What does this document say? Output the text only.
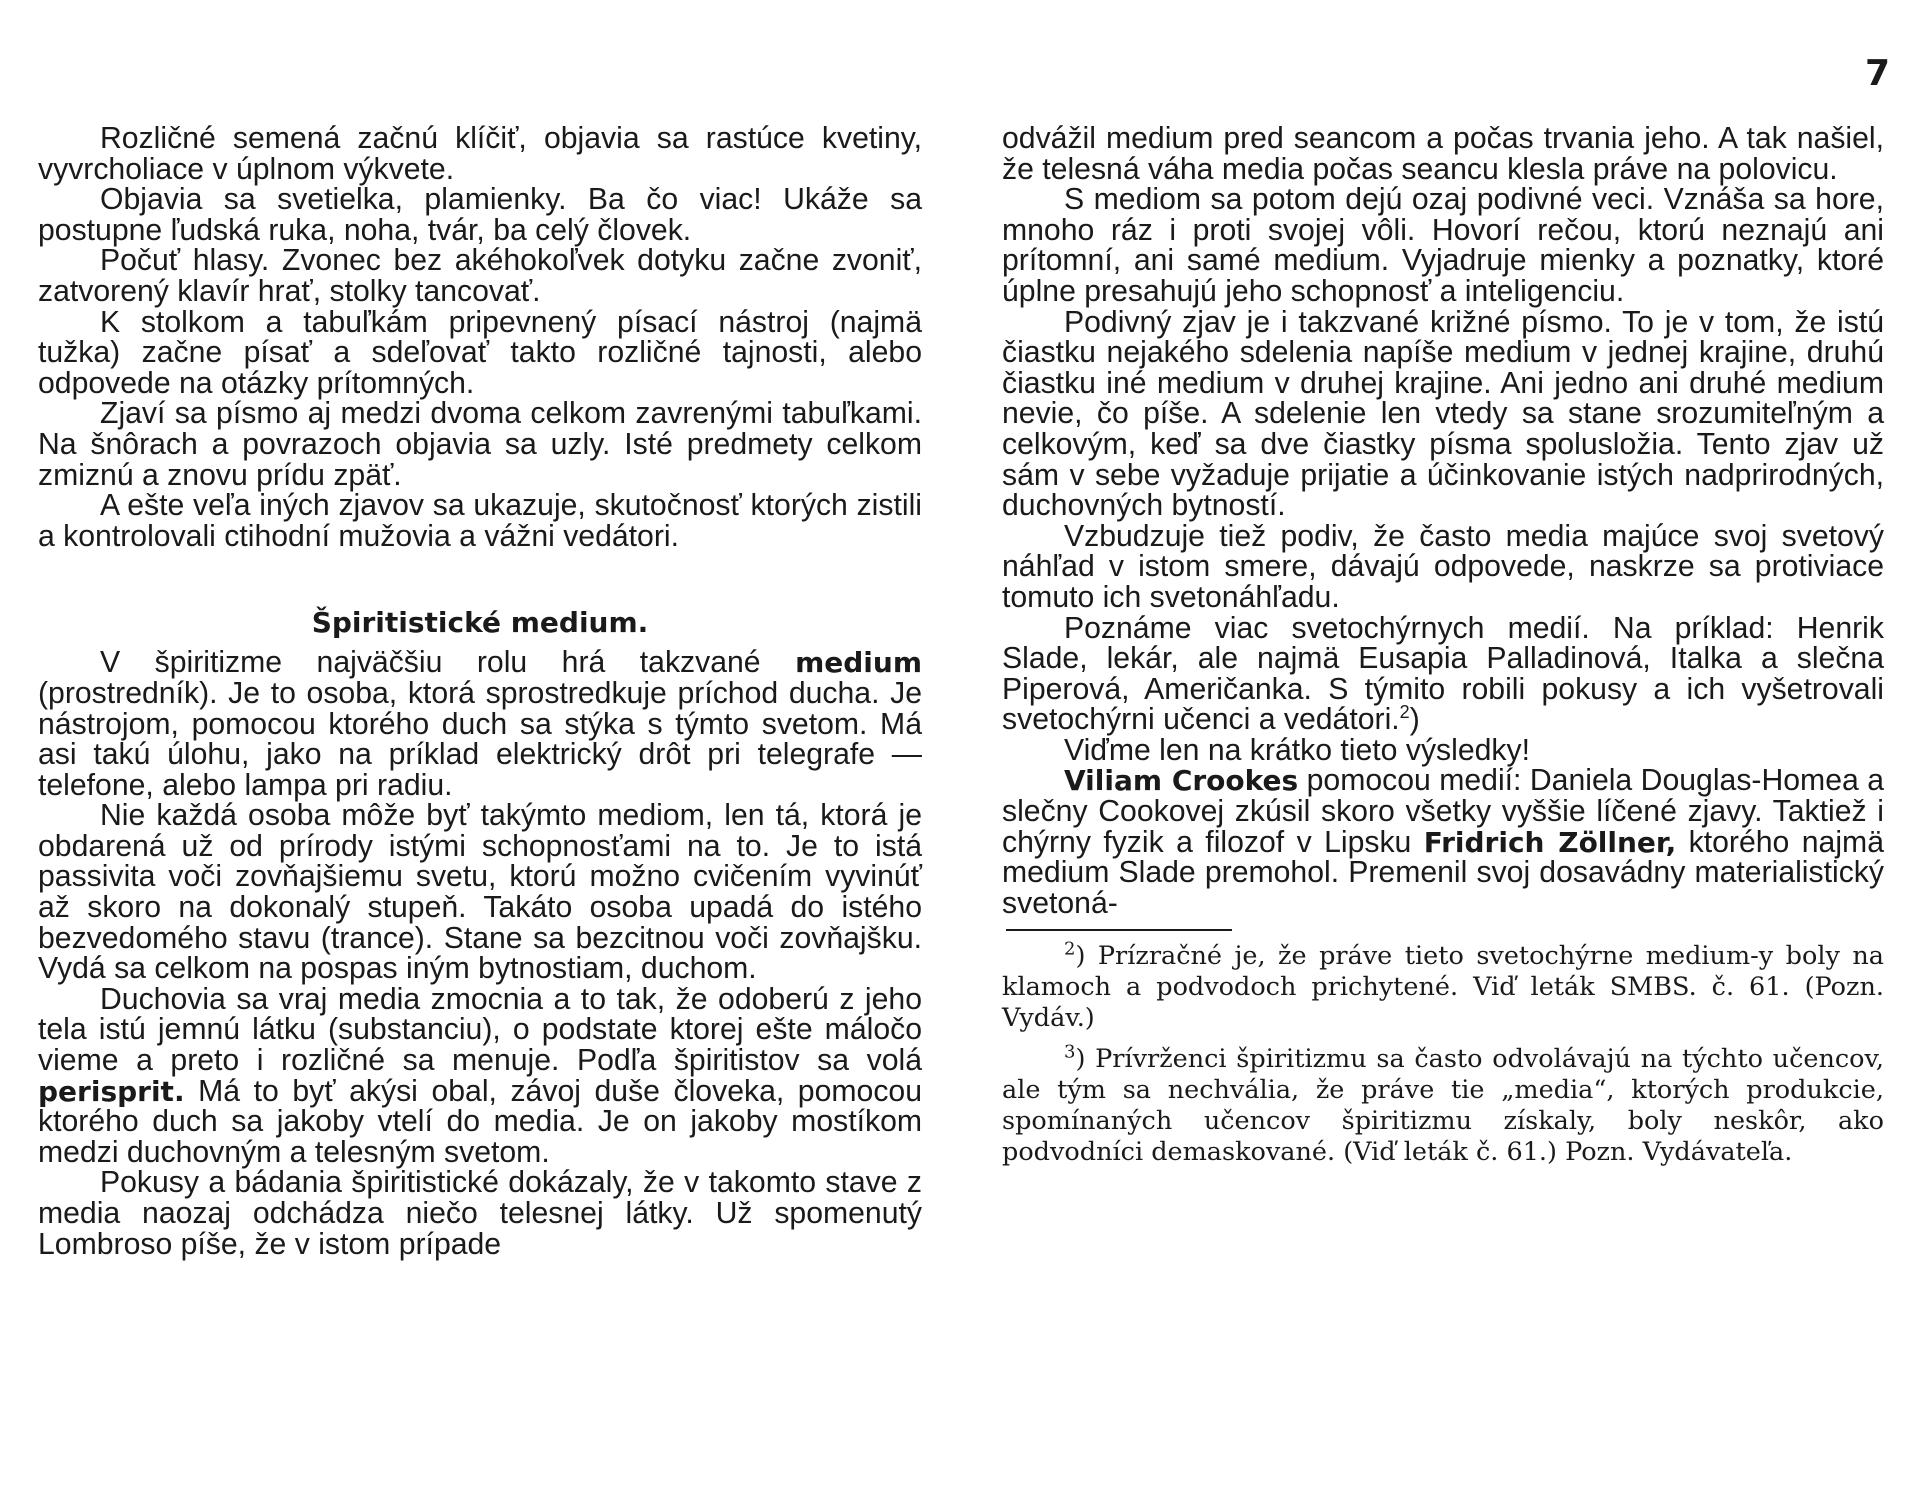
7

Rozličné semená začnú klíčiť, objavia sa rastúce kvetiny, vyvrcholiace v úplnom výkvete.

Objavia sa svetielka, plamienky. Ba čo viac! Ukáže sa postupne ľudská ruka, noha, tvár, ba celý človek.

Počuť hlasy. Zvonec bez akéhokoľvek dotyku začne zvoniť, zatvorený klavír hrať, stolky tancovať.

K stolkom a tabuľkám pripevnený písací nástroj (najmä tužka) začne písať a sdeľovať takto rozličné tajnosti, alebo odpovede na otázky prítomných.

Zjaví sa písmo aj medzi dvoma celkom zavrenými tabuľkami. Na šnôrach a povrazoch objavia sa uzly. Isté predmety celkom zmiznú a znovu prídu zpäť.

A ešte veľa iných zjavov sa ukazuje, skutočnosť ktorých zistili a kontrolovali ctihodní mužovia a vážni vedátori.

Špiritistické medium.

V špiritizme najväčšiu rolu hrá takzvané medium (prostredník). Je to osoba, ktorá sprostredkuje príchod ducha. Je nástrojom, pomocou ktorého duch sa stýka s týmto svetom. Má asi takú úlohu, jako na príklad elektrický drôt pri telegrafe — telefone, alebo lampa pri radiu.

Nie každá osoba môže byť takýmto mediom, len tá, ktorá je obdarená už od prírody istými schopnosťami na to. Je to istá passivita voči zovňajšiemu svetu, ktorú možno cvičením vyvinúť až skoro na dokonalý stupeň. Takáto osoba upadá do istého bezvedomého stavu (trance). Stane sa bezcitnou voči zovňajšku. Vydá sa celkom na pospas iným bytnostiam, duchom.

Duchovia sa vraj media zmocnia a to tak, že odoberú z jeho tela istú jemnú látku (substanciu), o podstate ktorej ešte máločo vieme a preto i rozličné sa menuje. Podľa špiritistov sa volá perisprit. Má to byť akýsi obal, závoj duše človeka, pomocou ktorého duch sa jakoby vtelí do media. Je on jakoby mostíkom medzi duchovným a telesným svetom.

Pokusy a bádania špiritistické dokázaly, že v takomto stave z media naozaj odchádza niečo telesnej látky. Už spomenutý Lombroso píše, že v istom prípade

odvážil medium pred seancom a počas trvania jeho. A tak našiel, že telesná váha media počas seancu klesla práve na polovicu.

S mediom sa potom dejú ozaj podivné veci. Vznáša sa hore, mnoho ráz i proti svojej vôli. Hovorí rečou, ktorú neznajú ani prítomní, ani samé medium. Vyjadruje mienky a poznatky, ktoré úplne presahujú jeho schopnosť a inteligenciu.

Podivný zjav je i takzvané križné písmo. To je v tom, že istú čiastku nejakého sdelenia napíše medium v jednej krajine, druhú čiastku iné medium v druhej krajine. Ani jedno ani druhé medium nevie, čo píše. A sdelenie len vtedy sa stane srozumiteľným a celkovým, keď sa dve čiastky písma spolusložia. Tento zjav už sám v sebe vyžaduje prijatie a účinkovanie istých nadprirodných, duchovných bytností.

Vzbudzuje tiež podiv, že často media majúce svoj svetový náhľad v istom smere, dávajú odpovede, naskrze sa protiviace tomuto ich svetonáhľadu.

Poznáme viac svetochýrnych medií. Na príklad: Henrik Slade, lekár, ale najmä Eusapia Palladinová, Italka a slečna Piperová, Američanka. S týmito robili pokusy a ich vyšetrovali svetochýrni učenci a vedátori.$^2$)

Viďme len na krátko tieto výsledky!

Viliam Crookes pomocou medií: Daniela Douglas-Homea a slečny Cookovej zkúsil skoro všetky vyššie líčené zjavy. Taktiež i chýrny fyzik a filozof v Lipsku Fridrich Zöllner, ktorého najmä medium Slade premohol. Premenil svoj dosavádny materialistický svetoná-

$^2$) Prízračné je, že práve tieto svetochýrne medium-y boly na klamoch a podvodoch prichytené. Viď leták SMBS. č. 61. (Pozn. Vydáv.)

$^3$) Prívrženci špiritizmu sa často odvolávajú na týchto učencov, ale tým sa nechvália, že práve tie „media“, ktorých produkcie, spomínaných učencov špiritizmu získaly, boly neskôr, ako podvodníci demaskované. (Viď leták č. 61.) Pozn. Vydávateľa.
